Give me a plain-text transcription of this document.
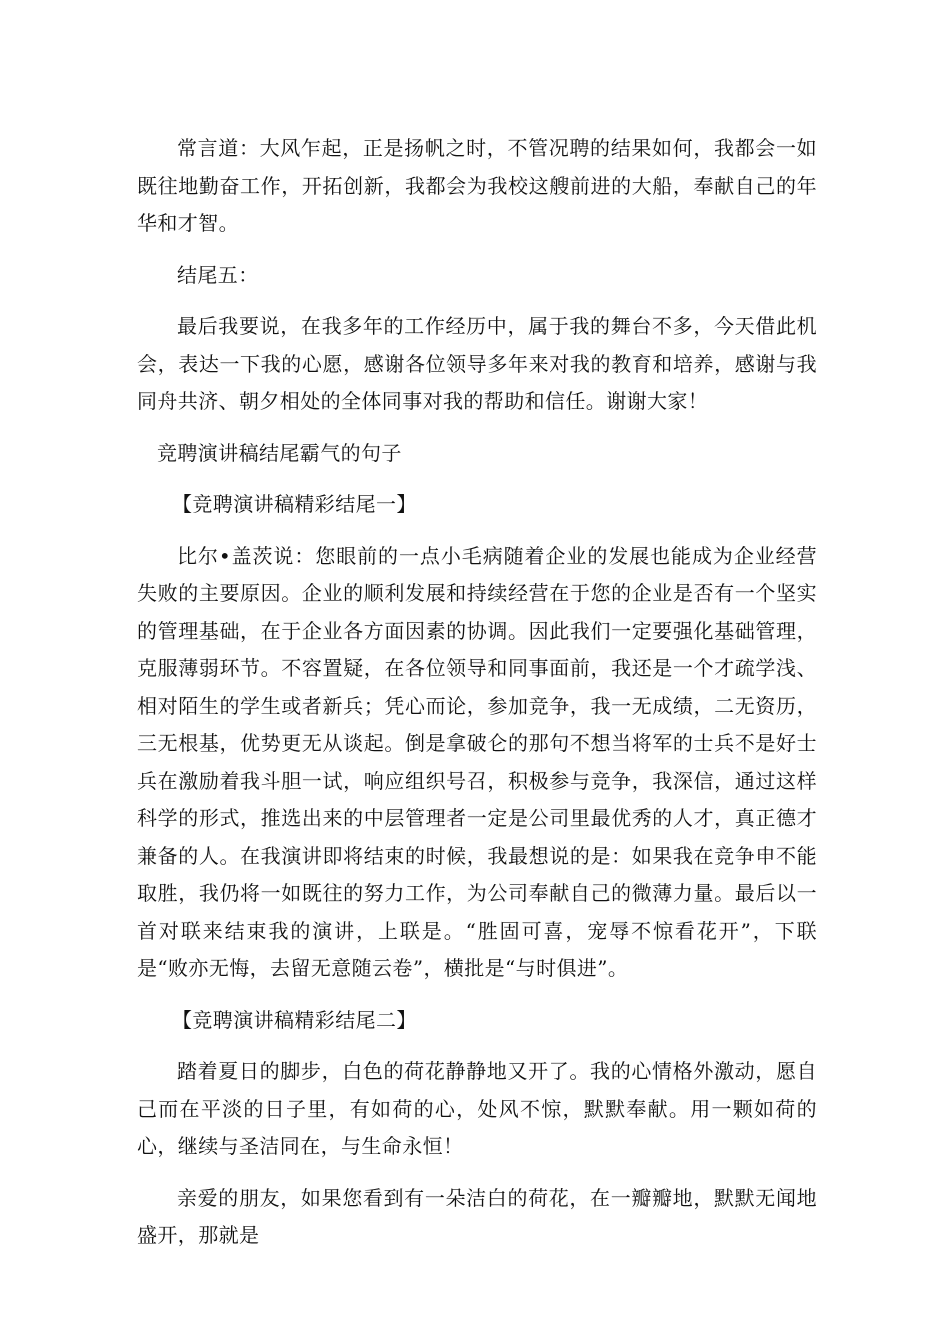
常言道：大风乍起，正是扬帆之时，不管况聘的结果如何，我都会一如既往地勤奋工作，开拓创新，我都会为我校这艘前进的大船，奉献自己的年华和才智。

结尾五：

最后我要说，在我多年的工作经历中，属于我的舞台不多，今天借此机会，表达一下我的心愿，感谢各位领导多年来对我的教育和培养，感谢与我同舟共济、朝夕相处的全体同事对我的帮助和信任。谢谢大家！

竞聘演讲稿结尾霸气的句子

【竞聘演讲稿精彩结尾一】

比尔•盖茨说：您眼前的一点小毛病随着企业的发展也能成为企业经营失败的主要原因。企业的顺利发展和持续经营在于您的企业是否有一个坚实的管理基础，在于企业各方面因素的协调。因此我们一定要强化基础管理，克服薄弱环节。不容置疑，在各位领导和同事面前，我还是一个才疏学浅、相对陌生的学生或者新兵；凭心而论，参加竞争，我一无成绩，二无资历，三无根基，优势更无从谈起。倒是拿破仑的那句不想当将军的士兵不是好士兵在激励着我斗胆一试，响应组织号召，积极参与竞争，我深信，通过这样科学的形式，推选出来的中层管理者一定是公司里最优秀的人才，真正德才兼备的人。在我演讲即将结束的时候，我最想说的是：如果我在竞争申不能取胜，我仍将一如既往的努力工作，为公司奉献自己的微薄力量。最后以一首对联来结束我的演讲，上联是。“胜固可喜，宠辱不惊看花开”，下联是“败亦无悔，去留无意随云卷”，横批是“与时俱进”。

【竞聘演讲稿精彩结尾二】

踏着夏日的脚步，白色的荷花静静地又开了。我的心情格外激动，愿自己而在平淡的日子里，有如荷的心，处风不惊，默默奉献。用一颗如荷的心，继续与圣洁同在，与生命永恒！

亲爱的朋友，如果您看到有一朵洁白的荷花，在一瓣瓣地，默默无闻地盛开，那就是
